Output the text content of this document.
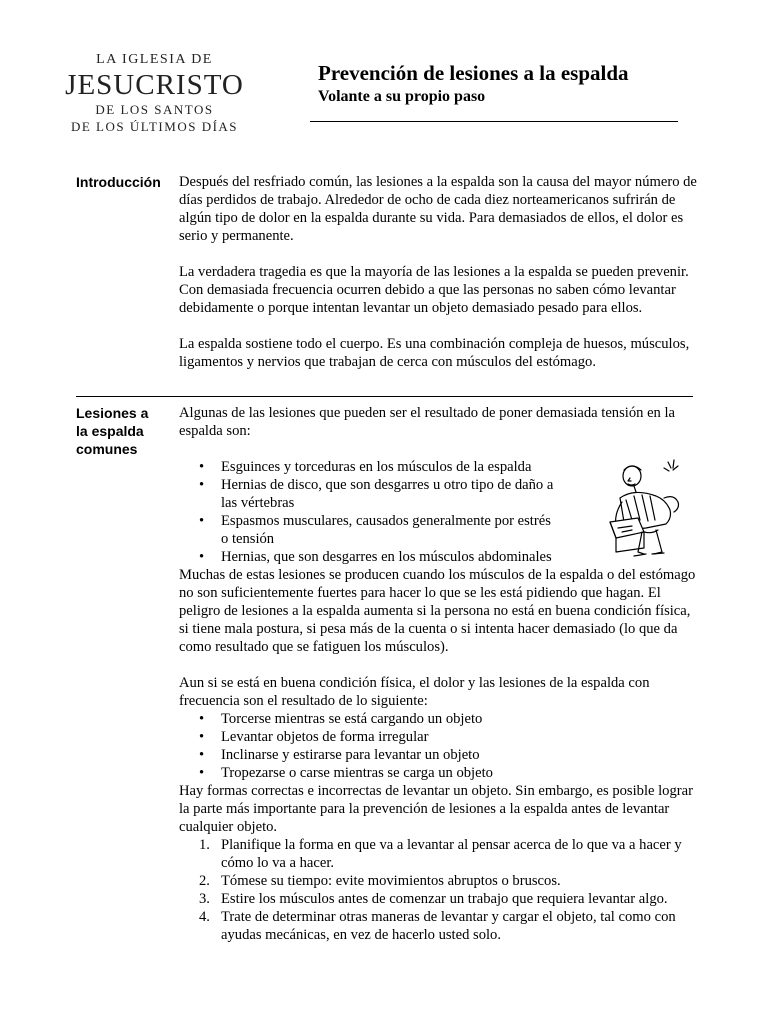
LA IGLESIA DE
JESUCRISTO
DE LOS SANTOS
DE LOS ÚLTIMOS DÍAS
Prevención de lesiones a la espalda
Volante a su propio paso
Introducción	Después del resfriado común, las lesiones a la espalda son la causa del mayor número de días perdidos de trabajo. Alrededor de ocho de cada diez norteamericanos sufrirán de algún tipo de dolor en la espalda durante su vida. Para demasiados de ellos, el dolor es serio y permanente.

La verdadera tragedia es que la mayoría de las lesiones a la espalda se pueden prevenir. Con demasiada frecuencia ocurren debido a que las personas no saben cómo levantar debidamente o porque intentan levantar un objeto demasiado pesado para ellos.

La espalda sostiene todo el cuerpo. Es una combinación compleja de huesos, músculos, ligamentos y nervios que trabajan de cerca con músculos del estómago.

Lesiones a
la espalda
comunes

Algunas de las lesiones que pueden ser el resultado de poner demasiada tensión en la espalda son:

• Esguinces y torceduras en los músculos de la espalda
• Hernias de disco, que son desgarres u otro tipo de daño a las vértebras
• Espasmos musculares, causados generalmente por estrés o tensión
• Hernias, que son desgarres en los músculos abdominales

Muchas de estas lesiones se producen cuando los músculos de la espalda o del estómago no son suficientemente fuertes para hacer lo que se les está pidiendo que hagan. El peligro de lesiones a la espalda aumenta si la persona no está en buena condición física, si tiene mala postura, si pesa más de la cuenta o si intenta hacer demasiado (lo que da como resultado que se fatiguen los músculos).

Aun si se está en buena condición física, el dolor y las lesiones de la espalda con frecuencia son el resultado de lo siguiente:

• Torcerse mientras se está cargando un objeto
• Levantar objetos de forma irregular
• Inclinarse y estirarse para levantar un objeto
• Tropezarse o carse mientras se carga un objeto

Hay formas correctas e incorrectas de levantar un objeto. Sin embargo, es posible lograr la parte más importante para la prevención de lesiones a la espalda antes de levantar cualquier objeto.

1. Planifique la forma en que va a levantar al pensar acerca de lo que va a hacer y cómo lo va a hacer.
2. Tómese su tiempo: evite movimientos abruptos o bruscos.
3. Estire los músculos antes de comenzar un trabajo que requiera levantar algo.
4. Trate de determinar otras maneras de levantar y cargar el objeto, tal como con ayudas mecánicas, en vez de hacerlo usted solo.
